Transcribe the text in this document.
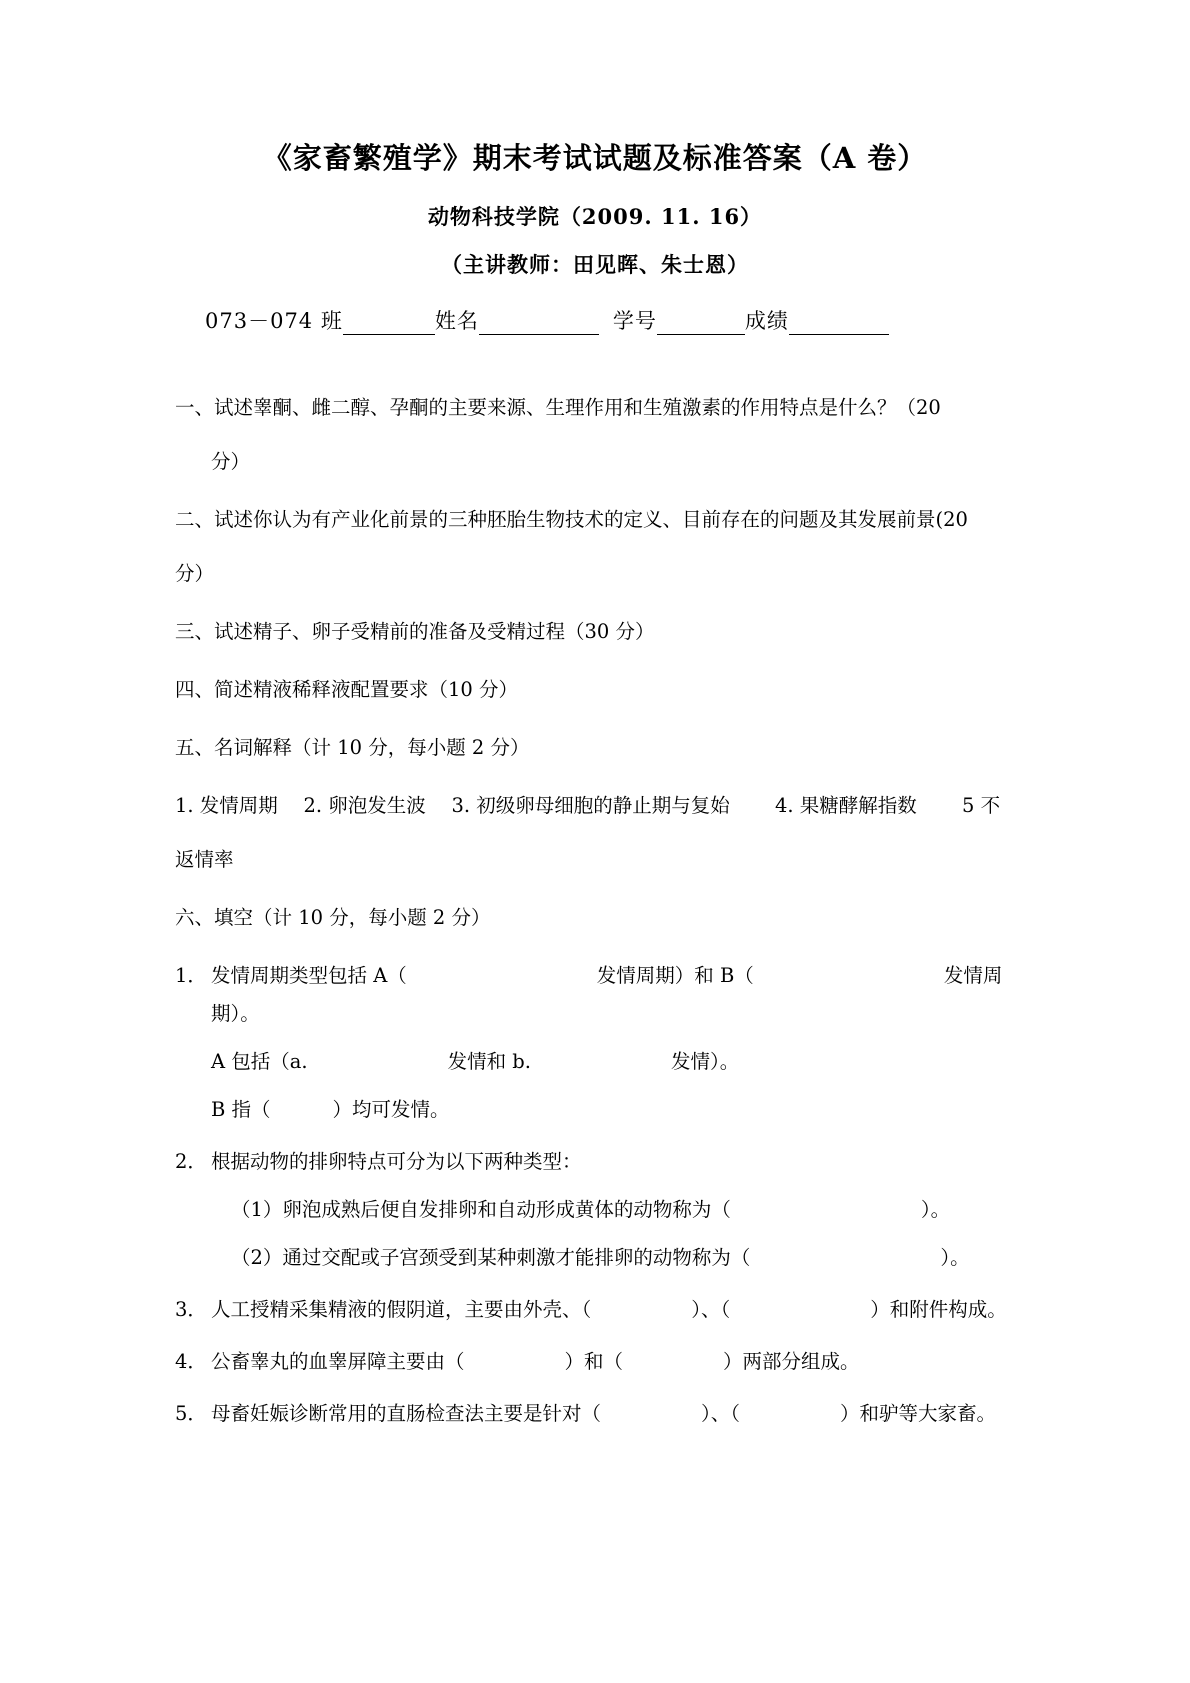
《家畜繁殖学》期末考试试题及标准答案（A 卷）
动物科技学院（2009. 11. 16）
（主讲教师：田见晖、朱士恩）
073－074 班	姓名	学号	成绩

一、试述睾酮、雌二醇、孕酮的主要来源、生理作用和生殖激素的作用特点是什么？（20

分）

二、试述你认为有产业化前景的三种胚胎生物技术的定义、目前存在的问题及其发展前景(20

分）

三、试述精子、卵子受精前的准备及受精过程（30 分）

四、简述精液稀释液配置要求（10 分）

五、名词解释（计 10 分，每小题 2 分）

1. 发情周期　 2. 卵泡发生波　 3. 初级卵母细胞的静止期与复始　　 4. 果糖酵解指数　　 5 不

返情率

六、填空（计 10 分，每小题 2 分）

1． 发情周期类型包括 A（	发情周期）和 B（	发情周期）。
A 包括（a.	发情和 b.	发情）。
B 指（	）均可发情。
2． 根据动物的排卵特点可分为以下两种类型：
（1）卵泡成熟后便自发排卵和自动形成黄体的动物称为（	）。
（2）通过交配或子宫颈受到某种刺激才能排卵的动物称为（	）。
3． 人工授精采集精液的假阴道，主要由外壳、（	）、（	）和附件构成。
4． 公畜睾丸的血睾屏障主要由（	）和（	）两部分组成。
5． 母畜妊娠诊断常用的直肠检查法主要是针对（	）、（	）和驴等大家畜。
